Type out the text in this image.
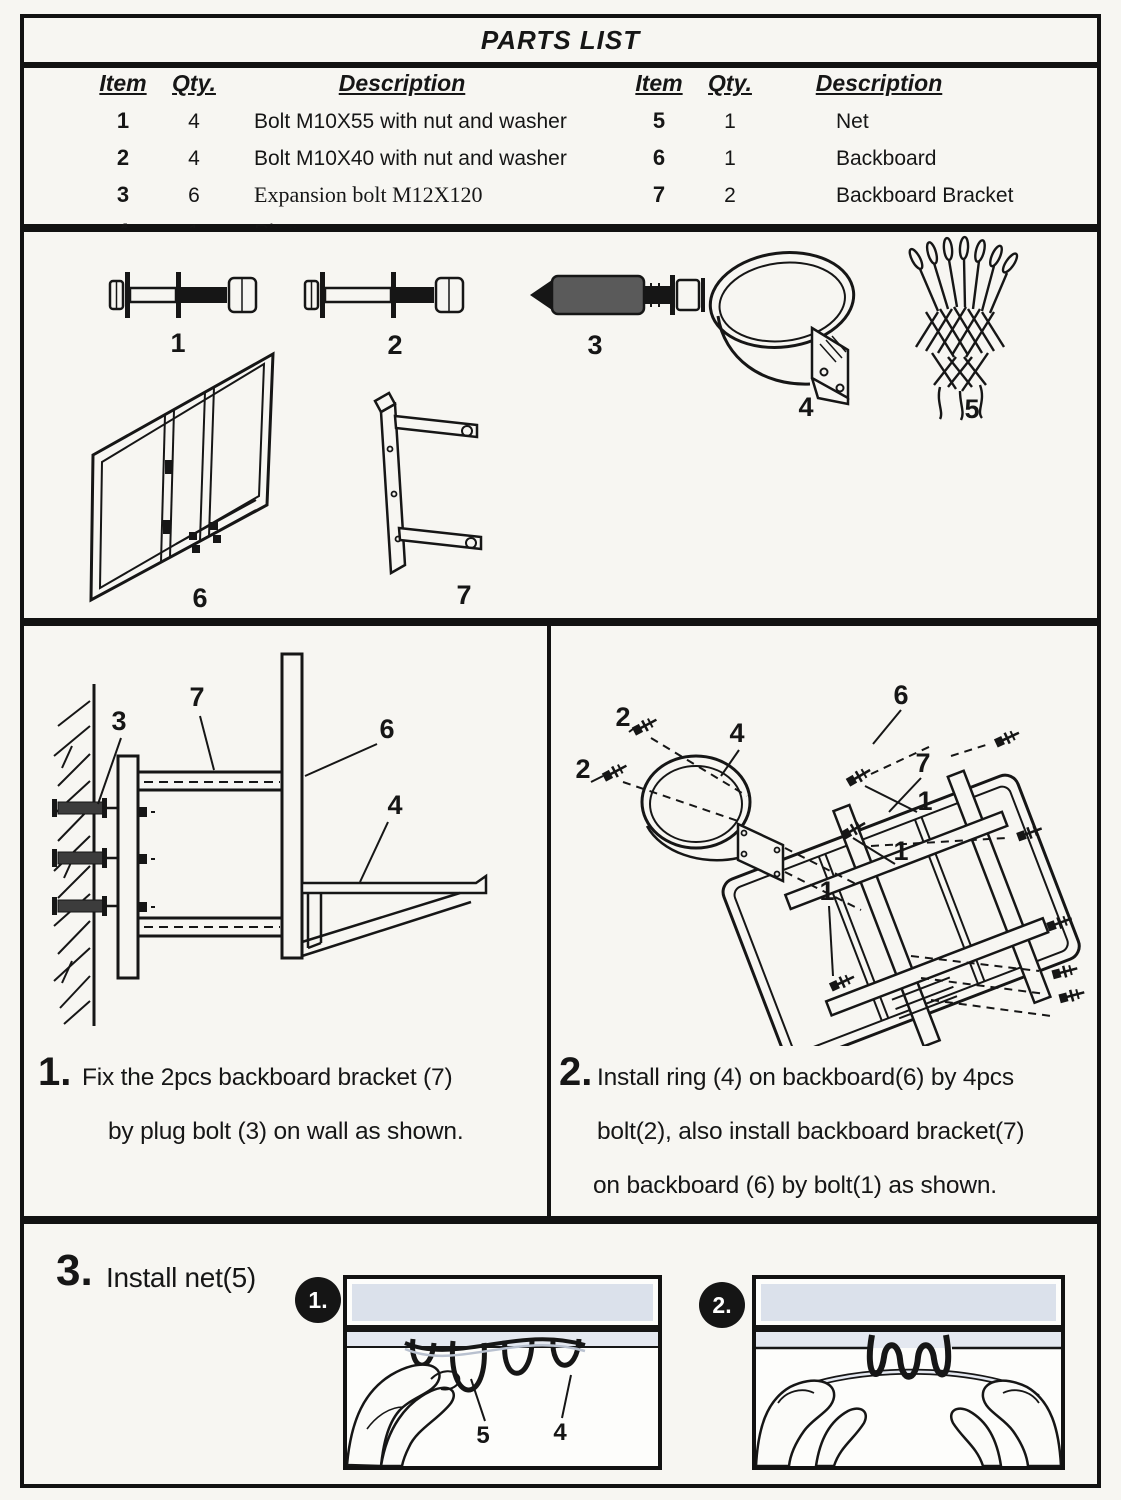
PARTS LIST
Item	Qty.	Description
1	4	Bolt M10X55 with nut and washer
2	4	Bolt M10X40 with nut and washer
3	6	Expansion bolt M12X120
Item	Qty.	Description
5	1	Net
6	1	Backboard
7	2	Backboard Bracket
1	2	3
4	5
6	7
3
7
6
4
1. Fix the 2pcs backboard bracket (7)
by plug bolt (3) on wall as shown.
2
2
4
6
7
1
1
1
2. Install ring (4) on backboard(6) by 4pcs
bolt(2), also install backboard bracket(7)
on backboard (6) by bolt(1) as shown.
3. Install net(5)
1.
5	4
2.
